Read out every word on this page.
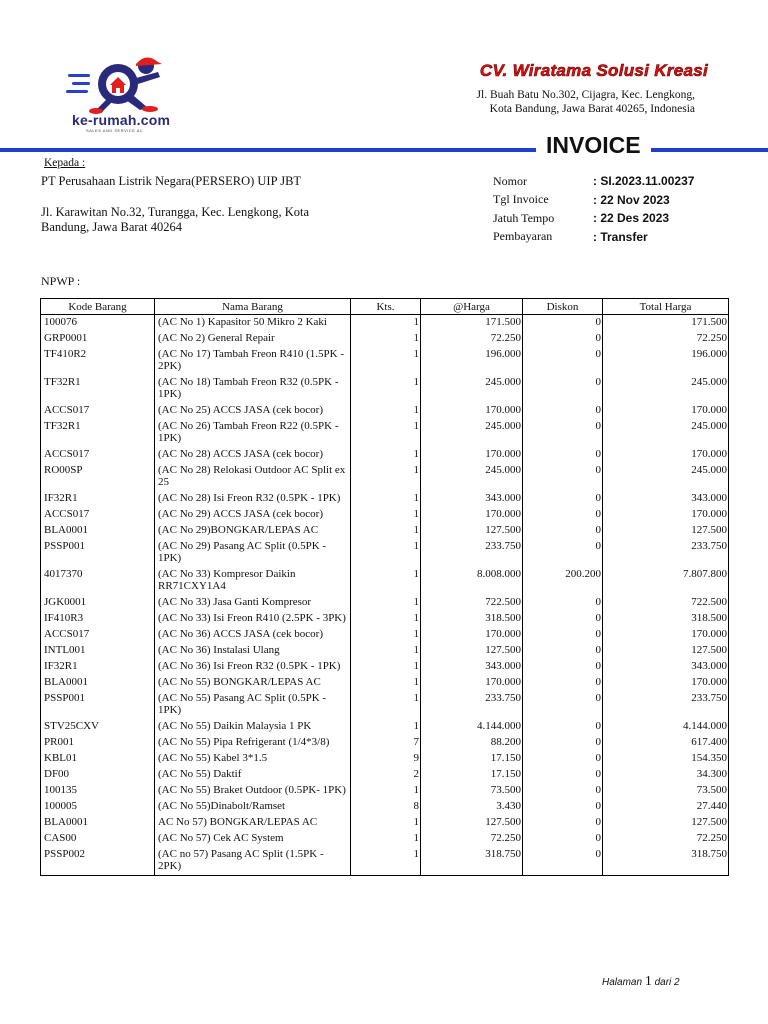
ke-rumah.com
SALES AND SERVICE AC
CV. Wiratama Solusi Kreasi
Jl. Buah Batu No.302, Cijagra, Kec. Lengkong,
Kota Bandung, Jawa Barat 40265, Indonesia
INVOICE
Kepada :
PT Perusahaan Listrik Negara(PERSERO) UIP JBT
Jl. Karawitan No.32, Turangga, Kec. Lengkong, Kota Bandung, Jawa Barat 40264
Nomor	: SI.2023.11.00237
Tgl Invoice	: 22 Nov 2023
Jatuh Tempo	: 22 Des 2023
Pembayaran	: Transfer
NPWP :
Kode Barang	Nama Barang	Kts.	@Harga	Diskon	Total Harga
100076	(AC No 1) Kapasitor 50 Mikro 2 Kaki	1	171.500	0	171.500
GRP0001	(AC No 2) General Repair	1	72.250	0	72.250
TF410R2	(AC No 17) Tambah Freon R410 (1.5PK - 2PK)	1	196.000	0	196.000
TF32R1	(AC No 18) Tambah Freon R32 (0.5PK - 1PK)	1	245.000	0	245.000
ACCS017	(AC No 25) ACCS JASA (cek bocor)	1	170.000	0	170.000
TF32R1	(AC No 26) Tambah Freon R22 (0.5PK - 1PK)	1	245.000	0	245.000
ACCS017	(AC No 28) ACCS JASA (cek bocor)	1	170.000	0	170.000
RO00SP	(AC No 28) Relokasi Outdoor AC Split ex 25	1	245.000	0	245.000
IF32R1	(AC No 28) Isi Freon R32 (0.5PK - 1PK)	1	343.000	0	343.000
ACCS017	(AC No 29) ACCS JASA (cek bocor)	1	170.000	0	170.000
BLA0001	(AC No 29)BONGKAR/LEPAS AC	1	127.500	0	127.500
PSSP001	(AC No 29) Pasang AC Split (0.5PK - 1PK)	1	233.750	0	233.750
4017370	(AC No 33) Kompresor Daikin RR71CXY1A4	1	8.008.000	200.200	7.807.800
JGK0001	(AC No 33) Jasa Ganti Kompresor	1	722.500	0	722.500
IF410R3	(AC No 33) Isi Freon R410 (2.5PK - 3PK)	1	318.500	0	318.500
ACCS017	(AC No 36) ACCS JASA (cek bocor)	1	170.000	0	170.000
INTL001	(AC No 36) Instalasi Ulang	1	127.500	0	127.500
IF32R1	(AC No 36) Isi Freon R32 (0.5PK - 1PK)	1	343.000	0	343.000
BLA0001	(AC No 55) BONGKAR/LEPAS AC	1	170.000	0	170.000
PSSP001	(AC No 55) Pasang AC Split (0.5PK - 1PK)	1	233.750	0	233.750
STV25CXV	(AC No 55) Daikin Malaysia 1 PK	1	4.144.000	0	4.144.000
PR001	(AC No 55) Pipa Refrigerant (1/4*3/8)	7	88.200	0	617.400
KBL01	(AC No 55) Kabel 3*1.5	9	17.150	0	154.350
DF00	(AC No 55) Daktif	2	17.150	0	34.300
100135	(AC No 55) Braket Outdoor (0.5PK- 1PK)	1	73.500	0	73.500
100005	(AC No 55)Dinabolt/Ramset	8	3.430	0	27.440
BLA0001	AC No 57) BONGKAR/LEPAS AC	1	127.500	0	127.500
CAS00	(AC No 57) Cek AC System	1	72.250	0	72.250
PSSP002	(AC no 57) Pasang AC Split (1.5PK - 2PK)	1	318.750	0	318.750
Halaman 1 dari 2
